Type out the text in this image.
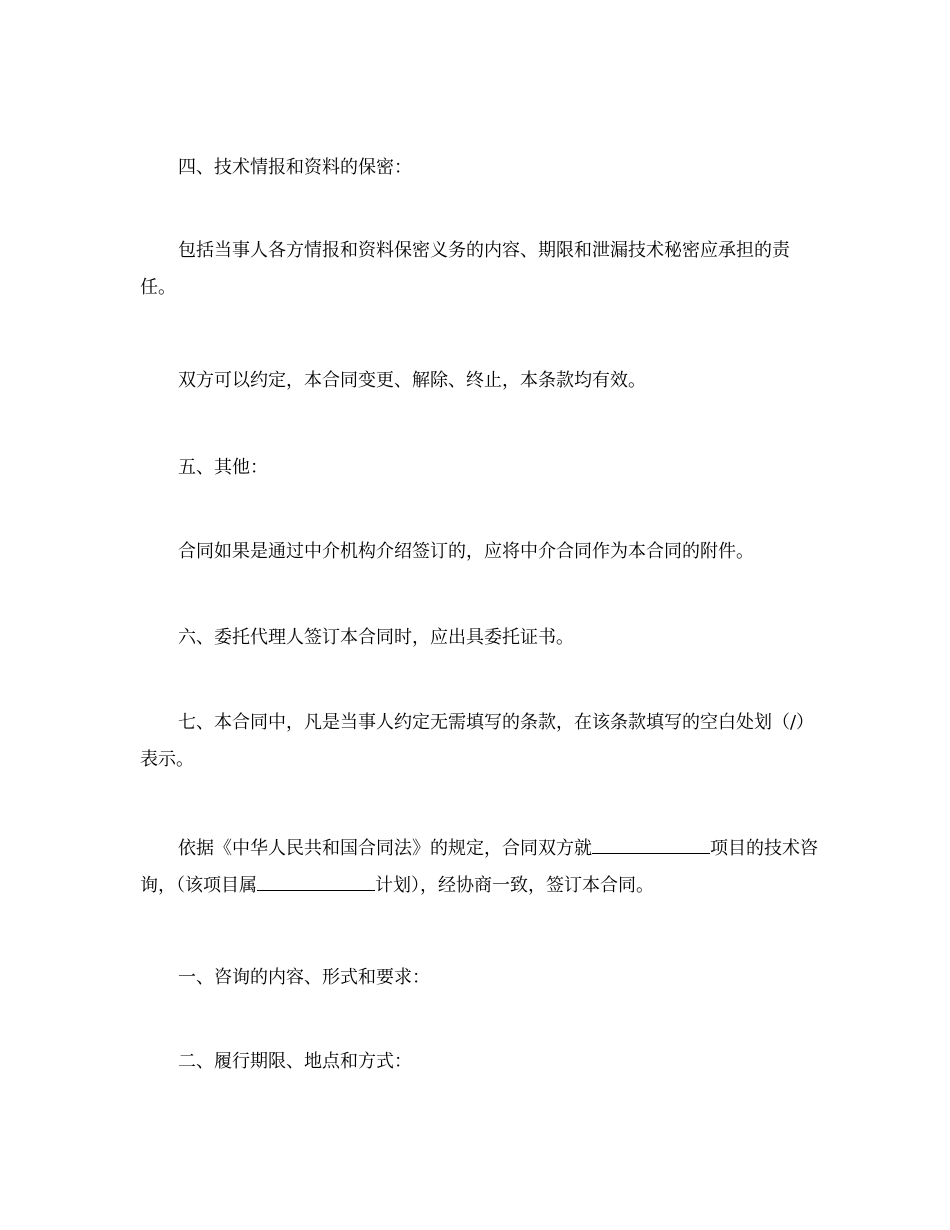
四、技术情报和资料的保密：

包括当事人各方情报和资料保密义务的内容、期限和泄漏技术秘密应承担的责任。

双方可以约定，本合同变更、解除、终止，本条款均有效。

五、其他：

合同如果是通过中介机构介绍签订的，应将中介合同作为本合同的附件。

六、委托代理人签订本合同时，应出具委托证书。

七、本合同中，凡是当事人约定无需填写的条款，在该条款填写的空白处划（/）表示。

依据《中华人民共和国合同法》的规定，合同双方就	项目的技术咨询，（该项目属	计划），经协商一致，签订本合同。

一、咨询的内容、形式和要求：

二、履行期限、地点和方式：
